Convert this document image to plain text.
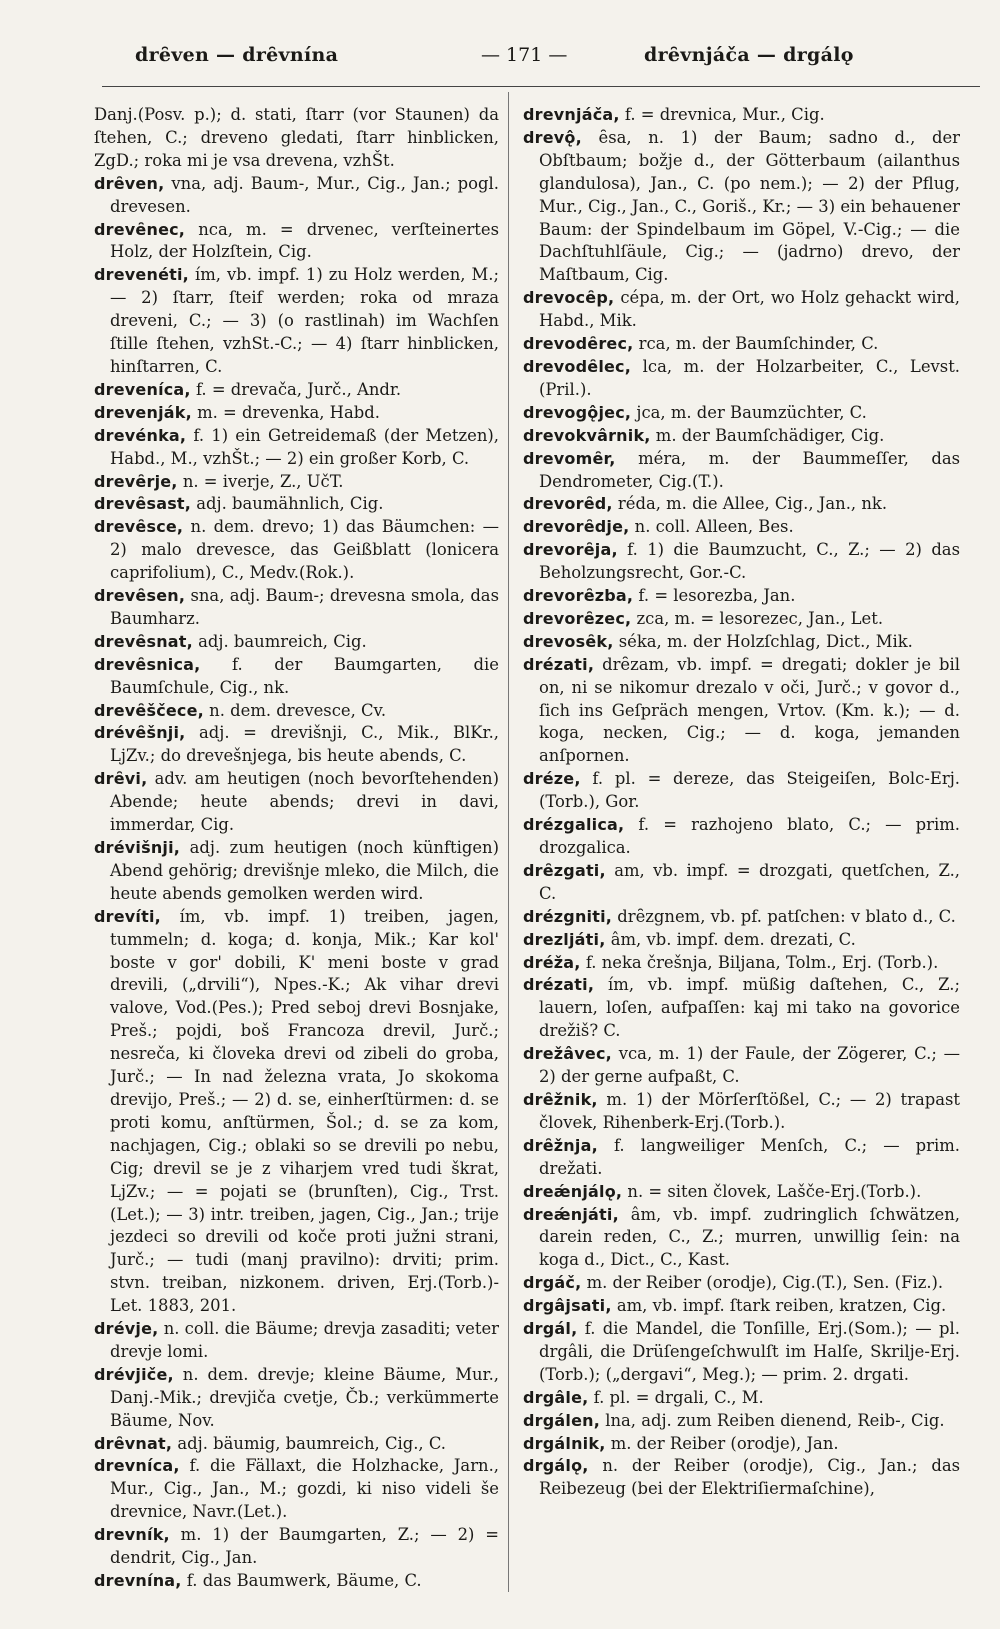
drȇven — drȇvnína	— 171 —	drȇvnjáča — drgálǫ

Danj.(Posv. p.); d. stati, ſtarr (vor Staunen) da ſtehen, C.; dreveno gledati, ſtarr hinblicken, ZgD.; roka mi je vsa drevena, vzhŠt.

drȇven, vna, adj. Baum-, Mur., Cig., Jan.; pogl. drevesen.

drevȇnec, nca, m. = drvenec, verſteinertes Holz, der Holzſtein, Cig.

drevenéti, ím, vb. impf. 1) zu Holz werden, M.; — 2) ſtarr, ſteif werden; roka od mraza dreveni, C.; — 3) (o rastlinah) im Wachſen ſtille ſtehen, vzhSt.-C.; — 4) ſtarr hinblicken, hinſtarren, C.

drevenı́ca, f. = drevača, Jurč., Andr.

drevenják, m. = drevenka, Habd.

drevénka, f. 1) ein Getreidemaß (der Metzen), Habd., M., vzhŠt.; — 2) ein großer Korb, C.

drevȇrje, n. = iverje, Z., UčT.

drevȇsast, adj. baumähnlich, Cig.

drevȇsce, n. dem. drevo; 1) das Bäumchen: — 2) malo drevesce, das Geißblatt (lonicera caprifolium), C., Medv.(Rok.).

drevȇsen, sna, adj. Baum-; drevesna smola, das Baumharz.

drevȇsnat, adj. baumreich, Cig.

drevȇsnica, f. der Baumgarten, die Baumſchule, Cig., nk.

drevȇščece, n. dem. drevesce, Cv.

drévȇšnji, adj. = drevišnji, C., Mik., BlKr., LjZv.; do drevešnjega, bis heute abends, C.

drȇvi, adv. am heutigen (noch bevorſtehenden) Abende; heute abends; drevi in davi, immerdar, Cig.

drévišnji, adj. zum heutigen (noch künftigen) Abend gehörig; drevišnje mleko, die Milch, die heute abends gemolken werden wird.

drevı́ti, ím, vb. impf. 1) treiben, jagen, tummeln; d. koga; d. konja, Mik.; Kar kol' boste v gor' dobili, K' meni boste v grad drevili, („drvili“), Npes.-K.; Ak vihar drevi valove, Vod.(Pes.); Pred seboj drevi Bosnjake, Preš.; pojdi, boš Francoza drevil, Jurč.; nesreča, ki človeka drevi od zibeli do groba, Jurč.; — In nad železna vrata, Jo skokoma drevijo, Preš.; — 2) d. se, einherſtürmen: d. se proti komu, anſtürmen, Šol.; d. se za kom, nachjagen, Cig.; oblaki so se drevili po nebu, Cig; drevil se je z viharjem vred tudi škrat, LjZv.; — = pojati se (brunſten), Cig., Trst.(Let.); — 3) intr. treiben, jagen, Cig., Jan.; trije jezdeci so drevili od koče proti južni strani, Jurč.; — tudi (manj pravilno): drviti; prim. stvn. treiban, nizkonem. driven, Erj.(Torb.)-Let. 1883, 201.

drévje, n. coll. die Bäume; drevja zasaditi; veter drevje lomi.

drévjiče, n. dem. drevje; kleine Bäume, Mur., Danj.-Mik.; drevjiča cvetje, Čb.; verkümmerte Bäume, Nov.

drȇvnat, adj. bäumig, baumreich, Cig., C.

drevnı́ca, f. die Fällaxt, die Holzhacke, Jarn., Mur., Cig., Jan., M.; gozdi, ki niso videli še drevnice, Navr.(Let.).

drevník, m. 1) der Baumgarten, Z.; — 2) = dendrit, Cig., Jan.

drevnína, f. das Baumwerk, Bäume, C.

drevnjáča, f. = drevnica, Mur., Cig.

drevǫ̂, ȇsa, n. 1) der Baum; sadno d., der Obſtbaum; božje d., der Götterbaum (ailanthus glandulosa), Jan., C. (po nem.); — 2) der Pflug, Mur., Cig., Jan., C., Goriš., Kr.; — 3) ein behauener Baum: der Spindelbaum im Göpel, V.-Cig.; — die Dachſtuhlſäule, Cig.; — (jadrno) drevo, der Maſtbaum, Cig.

drevocȇp, cépa, m. der Ort, wo Holz gehackt wird, Habd., Mik.

drevodȇrec, rca, m. der Baumſchinder, C.

drevodȇlec, lca, m. der Holzarbeiter, C., Levst.(Pril.).

drevogǫ̂jec, jca, m. der Baumzüchter, C.

drevokvârnik, m. der Baumſchädiger, Cig.

drevomȇr, méra, m. der Baummeſſer, das Dendrometer, Cig.(T.).

drevorȇd, réda, m. die Allee, Cig., Jan., nk.

drevorȇdje, n. coll. Alleen, Bes.

drevorȇja, f. 1) die Baumzucht, C., Z.; — 2) das Beholzungsrecht, Gor.-C.

drevorȇzba, f. = lesorezba, Jan.

drevorȇzec, zca, m. = lesorezec, Jan., Let.

drevosȇk, séka, m. der Holzſchlag, Dict., Mik.

drézati, drȇzam, vb. impf. = dregati; dokler je bil on, ni se nikomur drezalo v oči, Jurč.; v govor d., ſich ins Geſpräch mengen, Vrtov. (Km. k.); — d. koga, necken, Cig.; — d. koga, jemanden anſpornen.

dréze, f. pl. = dereze, das Steigeiſen, Bolc-Erj.(Torb.), Gor.

drézgalica, f. = razhojeno blato, C.; — prim. drozgalica.

drȇzgati, am, vb. impf. = drozgati, quetſchen, Z., C.

drézgniti, drȇzgnem, vb. pf. patſchen: v blato d., C.

drezljáti, âm, vb. impf. dem. drezati, C.

dréža, f. neka črešnja, Biljana, Tolm., Erj. (Torb.).

drézati, ím, vb. impf. müßig daſtehen, C., Z.; lauern, loſen, aufpaſſen: kaj mi tako na govorice drežiš? C.

drežâvec, vca, m. 1) der Faule, der Zögerer, C.; — 2) der gerne aufpaßt, C.

drȇžnik, m. 1) der Mörſerſtößel, C.; — 2) trapast človek, Rihenberk-Erj.(Torb.).

drȇžnja, f. langweiliger Menſch, C.; — prim. drežati.

dreǽnjálǫ, n. = siten človek, Lašče-Erj.(Torb.).

dreǽnjáti, âm, vb. impf. zudringlich ſchwätzen, darein reden, C., Z.; murren, unwillig ſein: na koga d., Dict., C., Kast.

drgáč, m. der Reiber (orodje), Cig.(T.), Sen. (Fiz.).

drgâjsati, am, vb. impf. ſtark reiben, kratzen, Cig.

drgál, f. die Mandel, die Tonſille, Erj.(Som.); — pl. drgâli, die Drüſengeſchwulſt im Halſe, Skrilje-Erj.(Torb.); („dergavi“, Meg.); — prim. 2. drgati.

drgâle, f. pl. = drgali, C., M.

drgálen, lna, adj. zum Reiben dienend, Reib-, Cig.

drgálnik, m. der Reiber (orodje), Jan.

drgálǫ, n. der Reiber (orodje), Cig., Jan.; das Reibezeug (bei der Elektriſiermaſchine),
